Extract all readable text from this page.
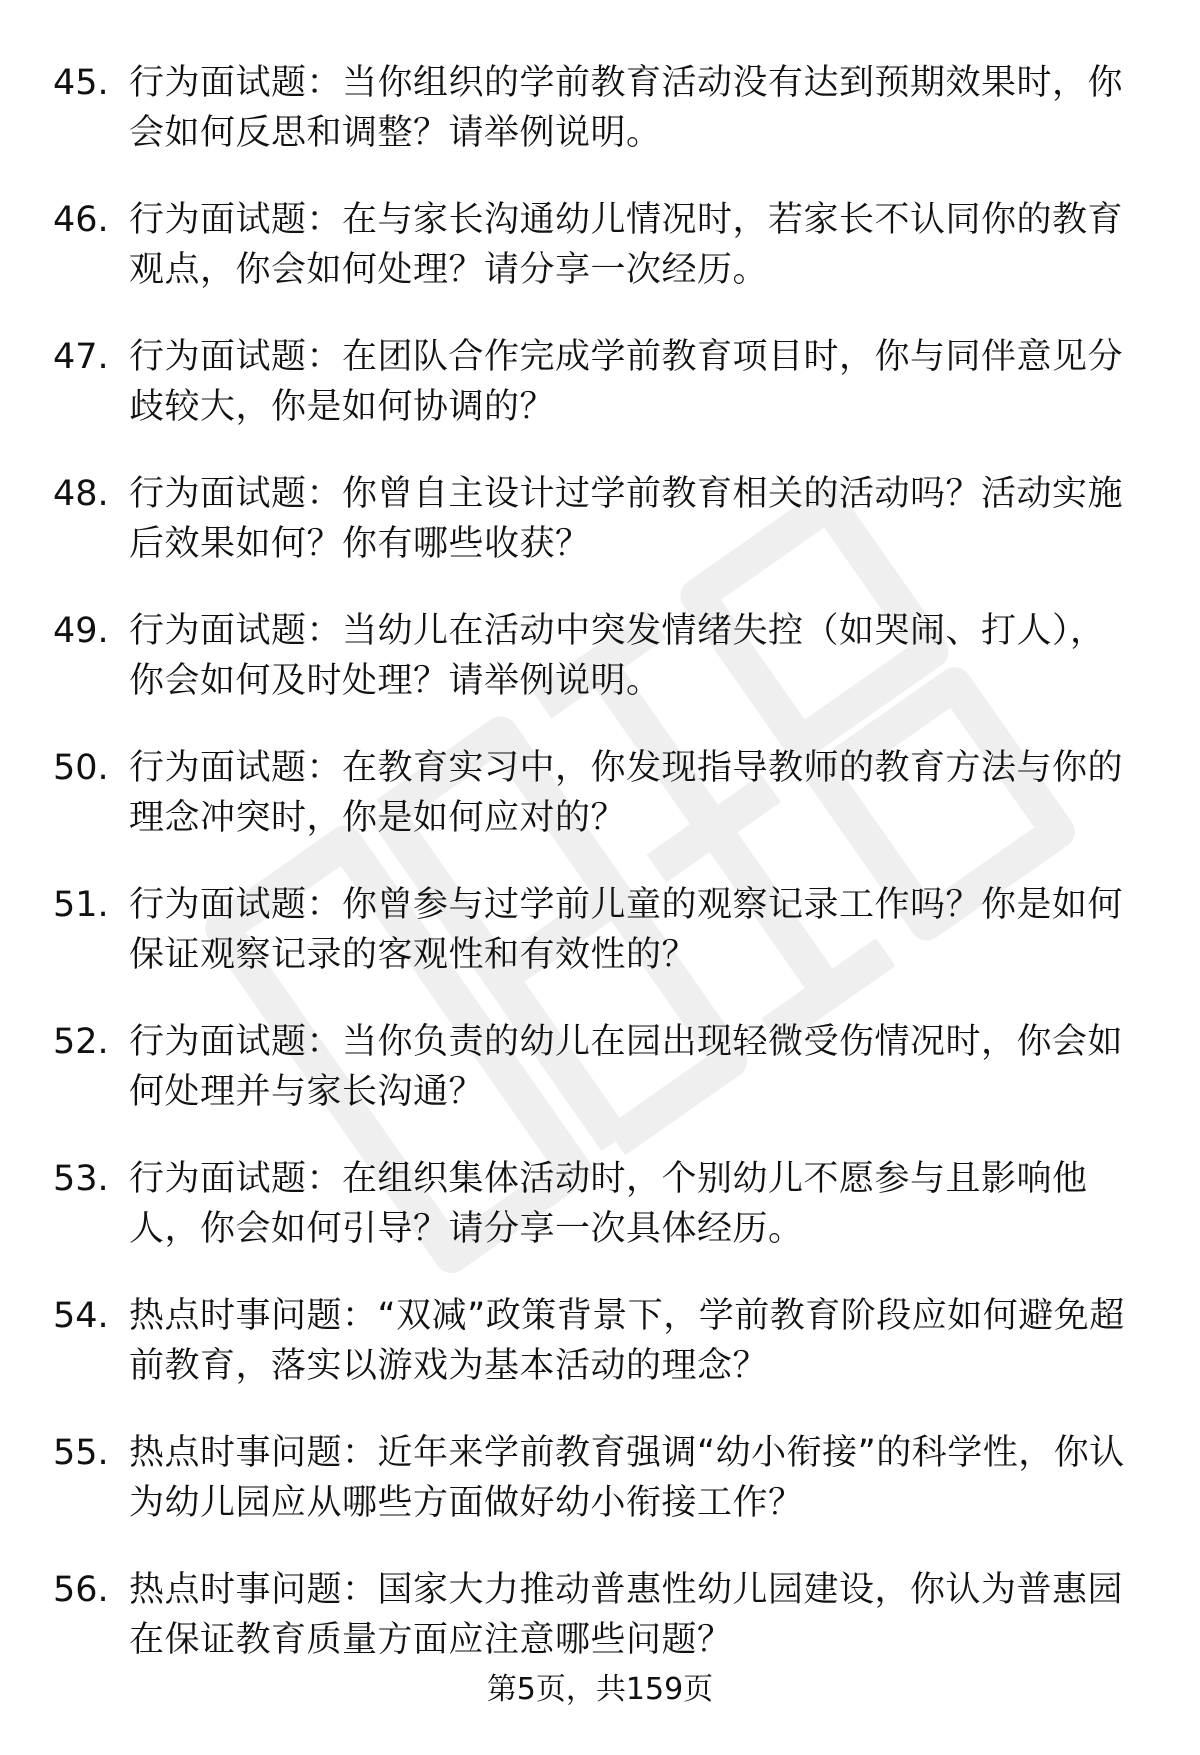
45. 行为面试题：当你组织的学前教育活动没有达到预期效果时，你会如何反思和调整？请举例说明。
46. 行为面试题：在与家长沟通幼儿情况时，若家长不认同你的教育观点，你会如何处理？请分享一次经历。
47. 行为面试题：在团队合作完成学前教育项目时，你与同伴意见分歧较大，你是如何协调的？
48. 行为面试题：你曾自主设计过学前教育相关的活动吗？活动实施后效果如何？你有哪些收获？
49. 行为面试题：当幼儿在活动中突发情绪失控（如哭闹、打人），你会如何及时处理？请举例说明。
50. 行为面试题：在教育实习中，你发现指导教师的教育方法与你的理念冲突时，你是如何应对的？
51. 行为面试题：你曾参与过学前儿童的观察记录工作吗？你是如何保证观察记录的客观性和有效性的？
52. 行为面试题：当你负责的幼儿在园出现轻微受伤情况时，你会如何处理并与家长沟通？
53. 行为面试题：在组织集体活动时，个别幼儿不愿参与且影响他人，你会如何引导？请分享一次具体经历。
54. 热点时事问题：“双减”政策背景下，学前教育阶段应如何避免超前教育，落实以游戏为基本活动的理念？
55. 热点时事问题：近年来学前教育强调“幼小衔接”的科学性，你认为幼儿园应从哪些方面做好幼小衔接工作？
56. 热点时事问题：国家大力推动普惠性幼儿园建设，你认为普惠园在保证教育质量方面应注意哪些问题？
第5页，共159页
